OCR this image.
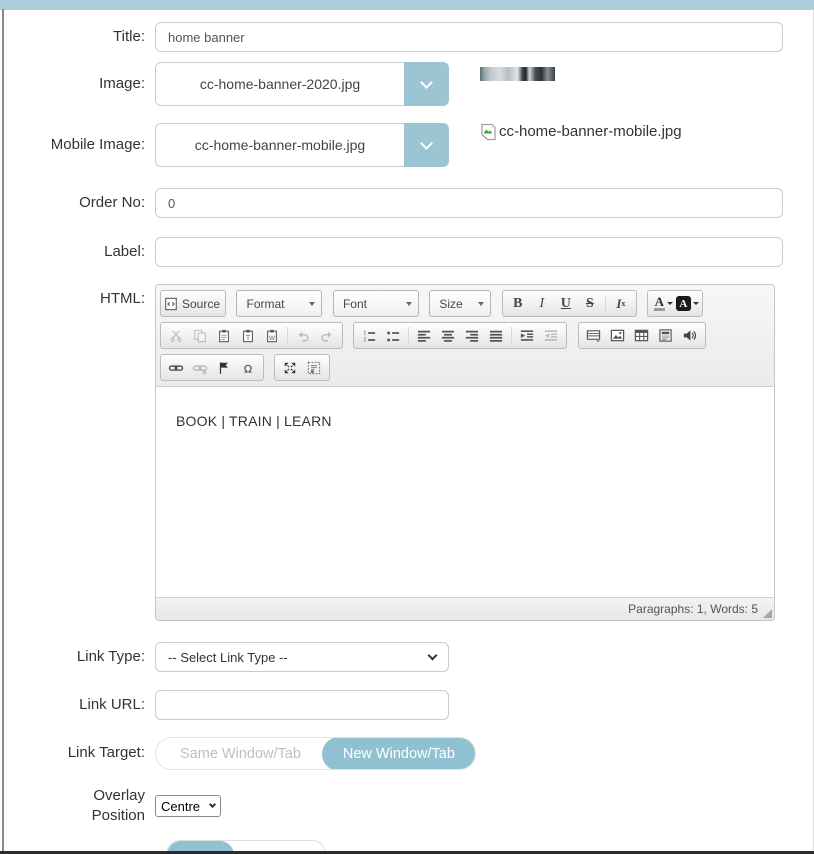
Title:
home banner
Image:	cc-home-banner-2020.jpg
Mobile Image:	cc-home-banner-mobile.jpg
cc-home-banner-mobile.jpg
Order No:
0
Label:
HTML:	Source
Format
	Font
	Size
	B	I	U	S	I x
A	A
T	W

1
2

Ω

BOOK | TRAIN | LEARN
Paragraphs: 1, Words: 5
Link Type:	-- Select Link Type --
Link URL:
Link Target:	Same Window/Tab	New Window/Tab
Overlay Position
Centre
